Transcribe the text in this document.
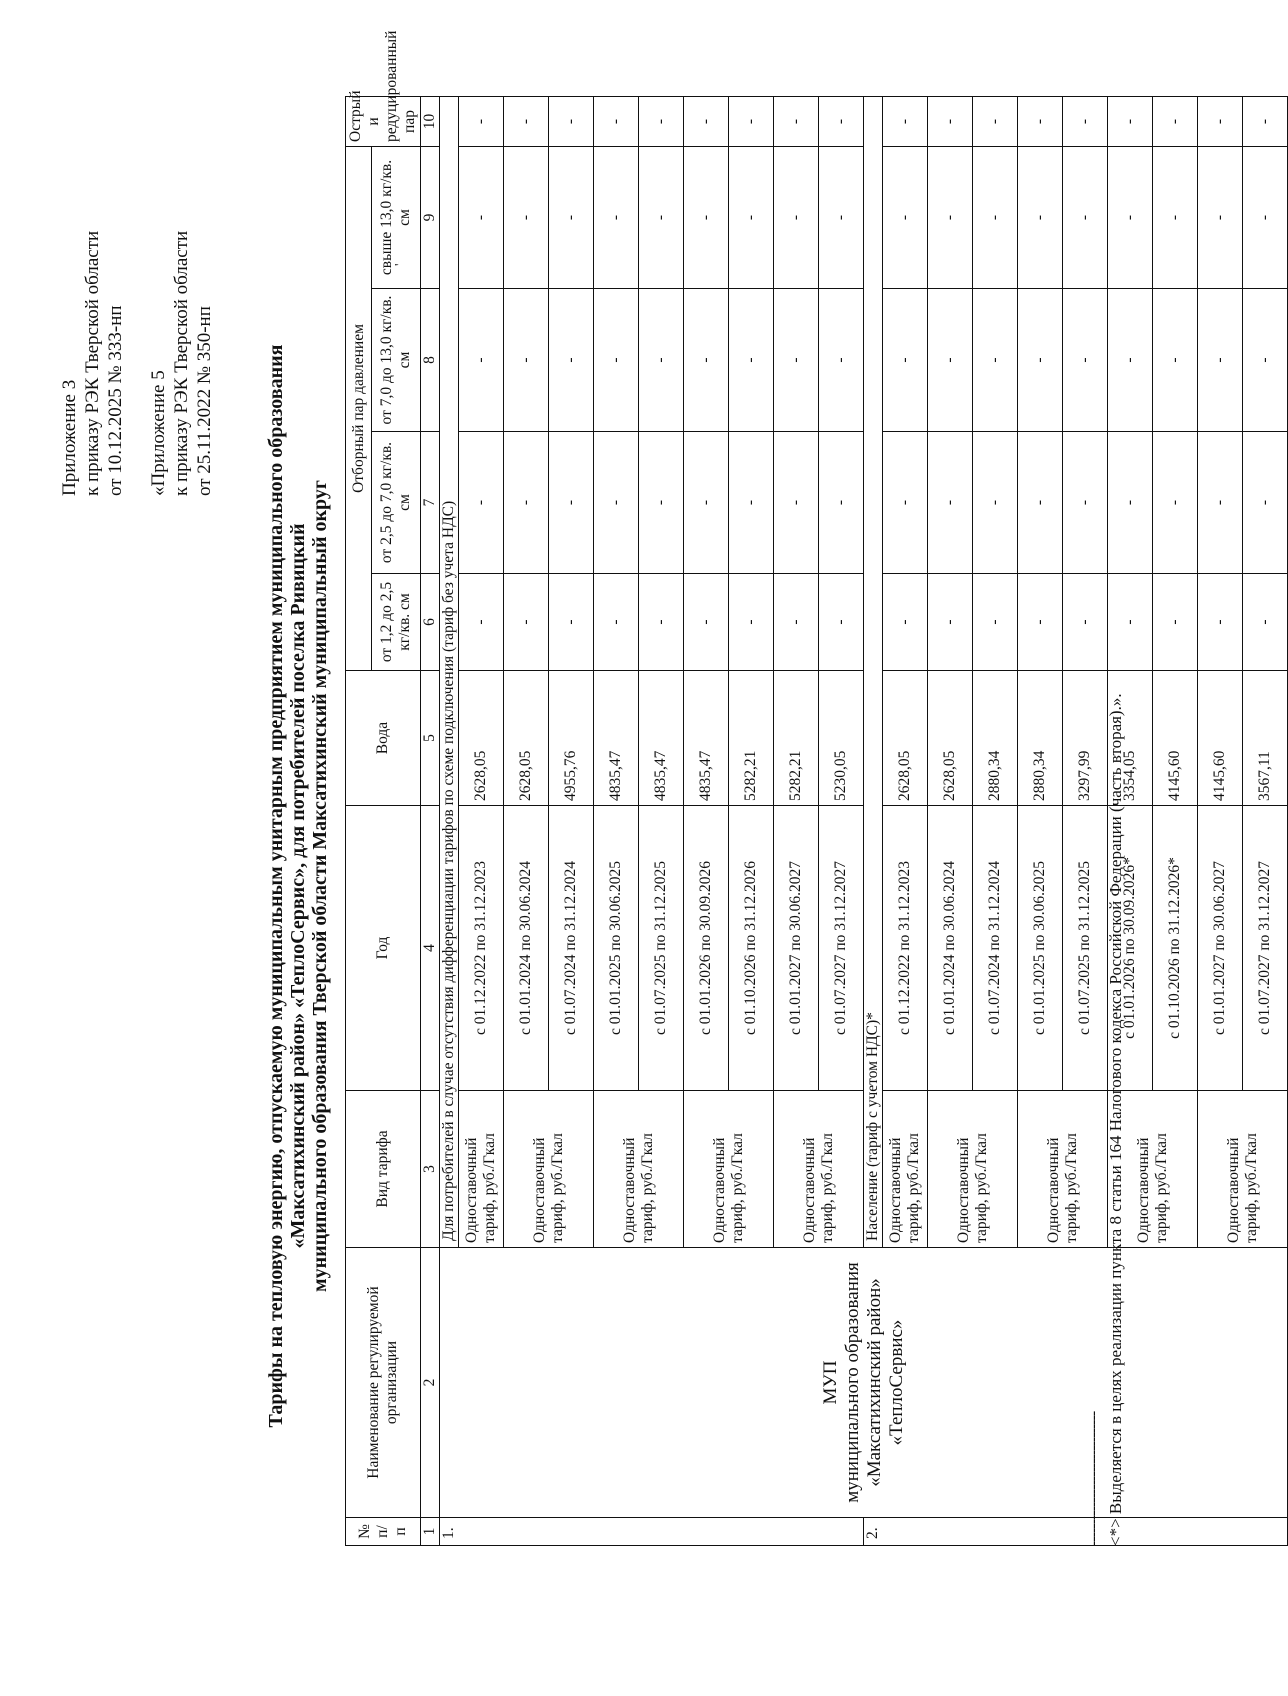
Приложение 3 к приказу РЭК Тверской области от 10.12.2025 № 333-нп «Приложение 5 к приказу РЭК Тверской области от 25.11.2022 № 350-нп
'
Тарифы на тепловую энергию, отпускаемую муниципальным унитарным предприятием муниципального образования «Максатихинский район» «ТеплоСервис», для потребителей поселка Ривицкий муниципального образования Тверской области Максатихинский муниципальный округ
№ п/п	Наименование регулируемой организации	Вид тарифа	Год	Вода	Отборный пар давлением				Острый и редуцированный пар
					от 1,2 до 2,5 кг/кв. см	от 2,5 до 7,0 кг/кв. см	от 7,0 до 13,0 кг/кв. см	свыше 13,0 кг/кв. см	
1	2	3	4	5	6	7	8	9	10
1.	МУП муниципального образования «Максатихинский район» «ТеплоСервис»	Для потребителей в случае отсутствия дифференциации тарифов по схеме подключения (тариф без учета НДС)							

		Одноставочный тариф, руб./Гкал	с 01.12.2022 по 31.12.2023	2628,05	-	-	-	-	-

		Одноставочный тариф, руб./Гкал	с 01.01.2024 по 30.06.2024	2628,05	-	-	-	-	-
			с 01.07.2024 по 31.12.2024	4955,76	-	-	-	-	-

		Одноставочный тариф, руб./Гкал	с 01.01.2025 по 30.06.2025	4835,47	-	-	-	-	-
			с 01.07.2025 по 31.12.2025	4835,47	-	-	-	-	-

		Одноставочный тариф, руб./Гкал	с 01.01.2026 по 30.09.2026	4835,47	-	-	-	-	-
			с 01.10.2026 по 31.12.2026	5282,21	-	-	-	-	-

		Одноставочный тариф, руб./Гкал	с 01.01.2027 по 30.06.2027	5282,21	-	-	-	-	-
			с 01.07.2027 по 31.12.2027	5230,05	-	-	-	-	-
2.		Население (тариф с учетом НДС)*							

		Одноставочный тариф, руб./Гкал	с 01.12.2022 по 31.12.2023	2628,05	-	-	-	-	-

		Одноставочный тариф, руб./Гкал	с 01.01.2024 по 30.06.2024	2628,05	-	-	-	-	-
			с 01.07.2024 по 31.12.2024	2880,34	-	-	-	-	-

		Одноставочный тариф, руб./Гкал	с 01.01.2025 по 30.06.2025	2880,34	-	-	-	-	-
			с 01.07.2025 по 31.12.2025	3297,99	-	-	-	-	-

		Одноставочный тариф, руб./Гкал	с 01.01.2026 по 30.09.2026*	3354,05	-	-	-	-	-
			с 01.10.2026 по 31.12.2026*	4145,60	-	-	-	-	-

		Одноставочный тариф, руб./Гкал	с 01.01.2027 по 30.06.2027	4145,60	-	-	-	-	-
			с 01.07.2027 по 31.12.2027	3567,11	-	-	-	-	-
------------------------------- <*> Выделяется в целях реализации пункта 8 статьи 164 Налогового кодекса Российской Федерации (часть вторая).».
